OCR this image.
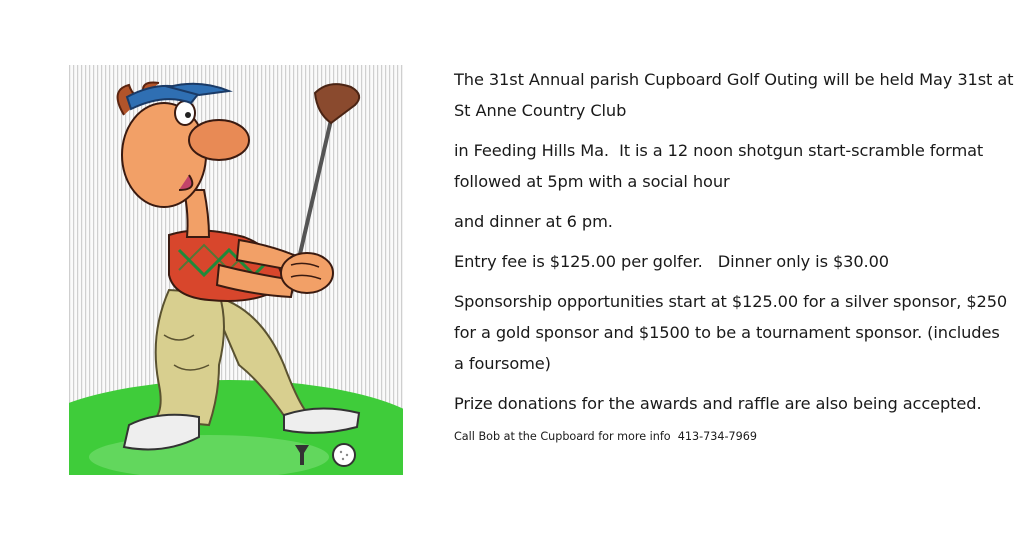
The 31st Annual parish Cupboard Golf Outing will be held May 31st at St Anne Country Club

in Feeding Hills Ma.  It is a 12 noon shotgun start-scramble format followed at 5pm with a social hour

and dinner at 6 pm.

Entry fee is $125.00 per golfer.   Dinner only is $30.00

Sponsorship opportunities start at $125.00 for a silver sponsor, $250 for a gold sponsor and $1500 to be a tournament sponsor. (includes a foursome)

Prize donations for the awards and raffle are also being accepted.

Call Bob at the Cupboard for more info  413-734-7969
